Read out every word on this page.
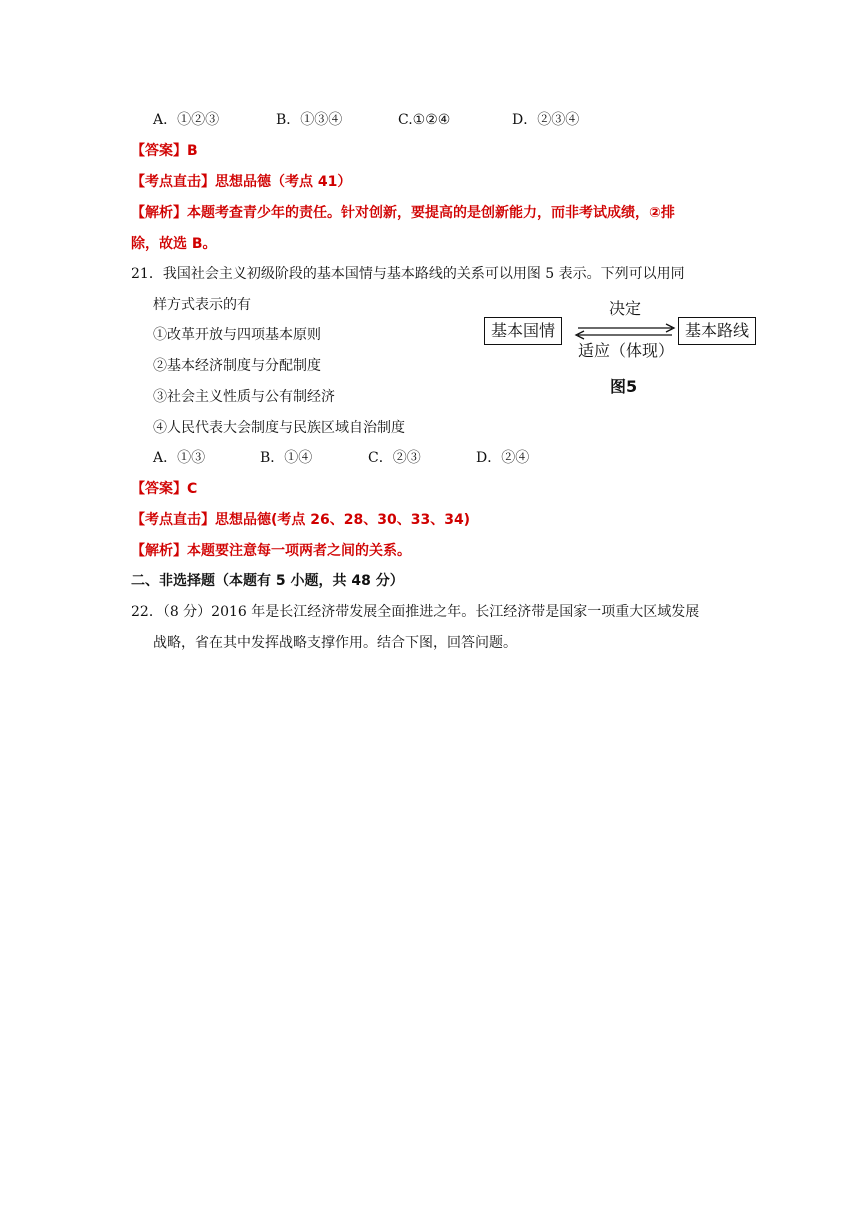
A．①②③	B．①③④	C.①②④	D．②③④
【答案】B
【考点直击】思想品德（考点 41）
【解析】本题考查青少年的责任。针对创新，要提高的是创新能力，而非考试成绩，②排
除，故选 B。
21．我国社会主义初级阶段的基本国情与基本路线的关系可以用图 5 表示。下列可以用同
样方式表示的有
①改革开放与四项基本原则
②基本经济制度与分配制度
③社会主义性质与公有制经济
④人民代表大会制度与民族区域自治制度
A．①③	B．①④	C．②③	D．②④
基本国情	基本路线
决定
适应（体现）
图5
【答案】C
【考点直击】思想品德(考点 26、28、30、33、34)
【解析】本题要注意每一项两者之间的关系。
二、非选择题（本题有 5 小题，共 48 分）
22．（8 分）2016 年是长江经济带发展全面推进之年。长江经济带是国家一项重大区域发展
战略，省在其中发挥战略支撑作用。结合下图，回答问题。
